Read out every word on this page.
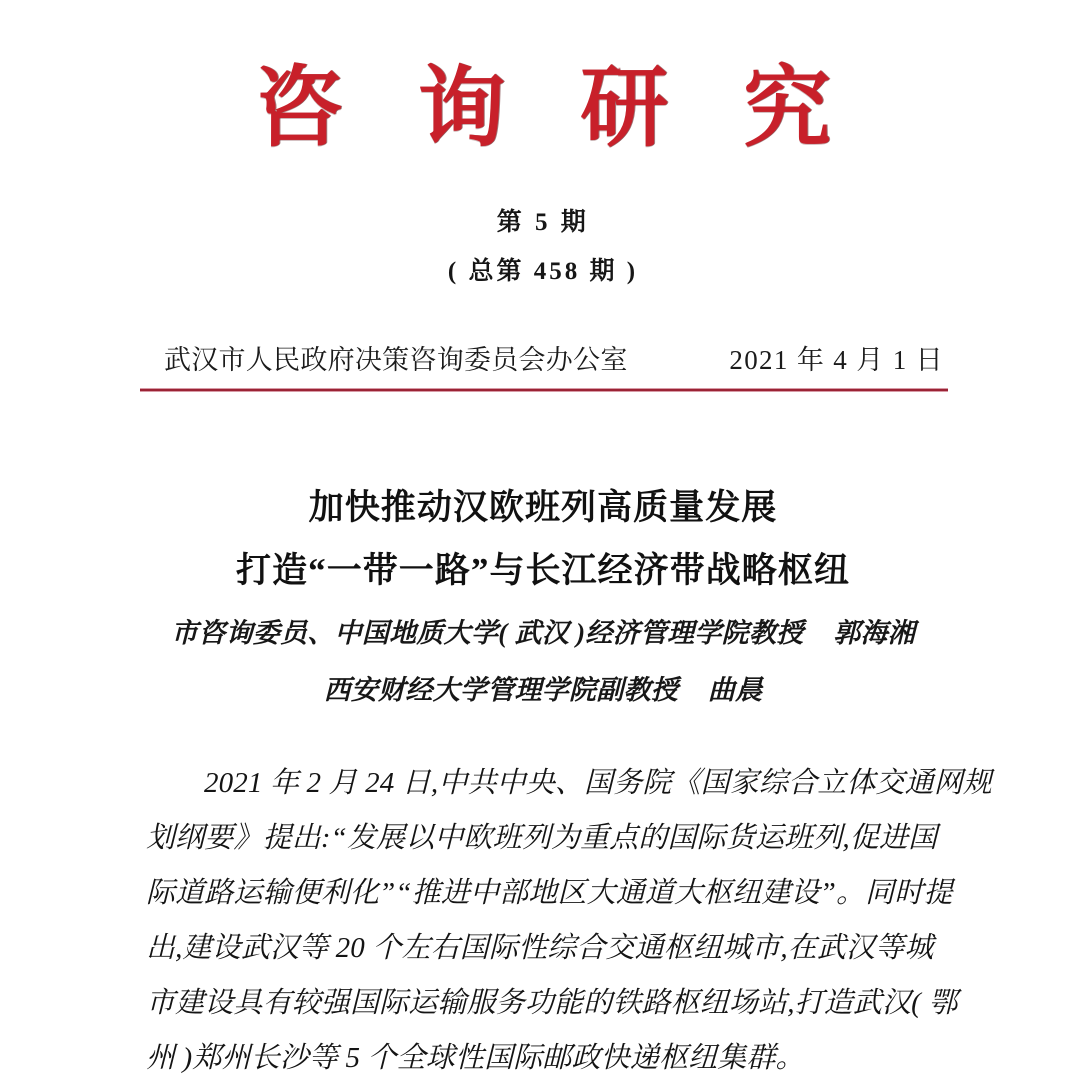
咨 询 研 究
第 5 期
( 总第 458 期 )
武汉市人民政府决策咨询委员会办公室	2021 年 4 月 1 日
加快推动汉欧班列高质量发展
打造“一带一路”与长江经济带战略枢纽
市咨询委员、中国地质大学( 武汉 )经济管理学院教授 郭海湘
西安财经大学管理学院副教授 曲晨
2021 年 2 月 24 日,中共中央、国务院《国家综合立体交通网规
划纲要》提出:“发展以中欧班列为重点的国际货运班列,促进国
际道路运输便利化”“推进中部地区大通道大枢纽建设”。同时提
出,建设武汉等 20 个左右国际性综合交通枢纽城市,在武汉等城
市建设具有较强国际运输服务功能的铁路枢纽场站,打造武汉( 鄂
州 )郑州长沙等 5 个全球性国际邮政快递枢纽集群。
